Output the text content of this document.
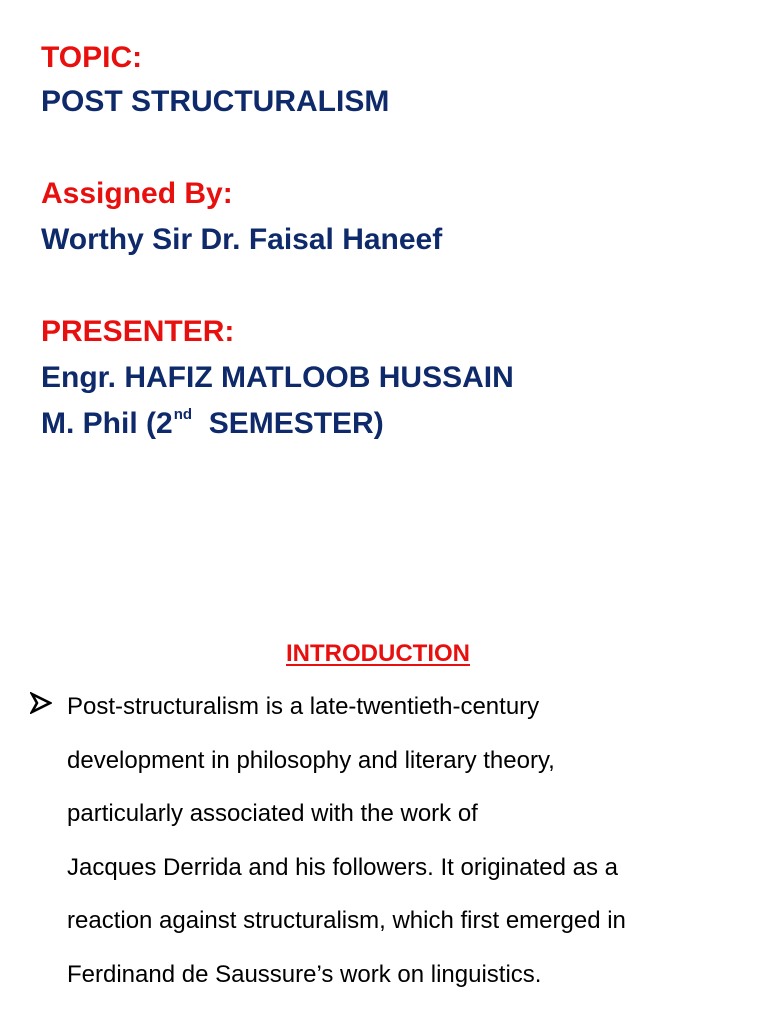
TOPIC:
POST STRUCTURALISM
Assigned By:
Worthy Sir Dr. Faisal Haneef
PRESENTER:
Engr. HAFIZ MATLOOB HUSSAIN
M. Phil (2nd SEMESTER)
INTRODUCTION
Post-structuralism is a late-twentieth-century
development in philosophy and literary theory,
particularly associated with the work of
Jacques Derrida and his followers. It originated as a
reaction against structuralism, which first emerged in
Ferdinand de Saussure’s work on linguistics.
